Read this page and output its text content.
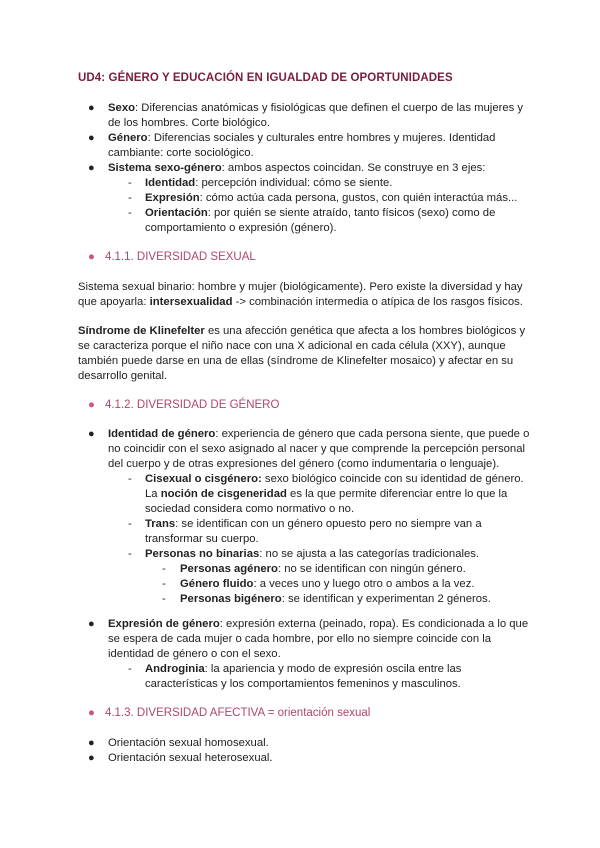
UD4: GÉNERO Y EDUCACIÓN EN IGUALDAD DE OPORTUNIDADES
● Sexo: Diferencias anatómicas y fisiológicas que definen el cuerpo de las mujeres y de los hombres. Corte biológico.
● Género: Diferencias sociales y culturales entre hombres y mujeres. Identidad cambiante: corte sociológico.
● Sistema sexo-género: ambos aspectos coincidan. Se construye en 3 ejes:
- Identidad: percepción individual: cómo se siente.
- Expresión: cómo actúa cada persona, gustos, con quién interactúa más...
- Orientación: por quién se siente atraído, tanto físicos (sexo) como de comportamiento o expresión (género).
● 4.1.1. DIVERSIDAD SEXUAL
Sistema sexual binario: hombre y mujer (biológicamente). Pero existe la diversidad y hay que apoyarla: intersexualidad -> combinación intermedia o atípica de los rasgos físicos.
Síndrome de Klinefelter es una afección genética que afecta a los hombres biológicos y se caracteriza porque el niño nace con una X adicional en cada célula (XXY), aunque también puede darse en una de ellas (síndrome de Klinefelter mosaico) y afectar en su desarrollo genital.
● 4.1.2. DIVERSIDAD DE GÉNERO
● Identidad de género: experiencia de género que cada persona siente, que puede o no coincidir con el sexo asignado al nacer y que comprende la percepción personal del cuerpo y de otras expresiones del género (como indumentaria o lenguaje).
- Cisexual o cisgénero: sexo biológico coincide con su identidad de género.
La noción de cisgeneridad es la que permite diferenciar entre lo que la sociedad considera como normativo o no.
- Trans: se identifican con un género opuesto pero no siempre van a transformar su cuerpo.
- Personas no binarias: no se ajusta a las categorías tradicionales.
- Personas agénero: no se identifican con ningún género.
- Género fluido: a veces uno y luego otro o ambos a la vez.
- Personas bigénero: se identifican y experimentan 2 géneros.
● Expresión de género: expresión externa (peinado, ropa). Es condicionada a lo que se espera de cada mujer o cada hombre, por ello no siempre coincide con la identidad de género o con el sexo.
- Androginia: la apariencia y modo de expresión oscila entre las características y los comportamientos femeninos y masculinos.
● 4.1.3. DIVERSIDAD AFECTIVA = orientación sexual
● Orientación sexual homosexual.
● Orientación sexual heterosexual.
